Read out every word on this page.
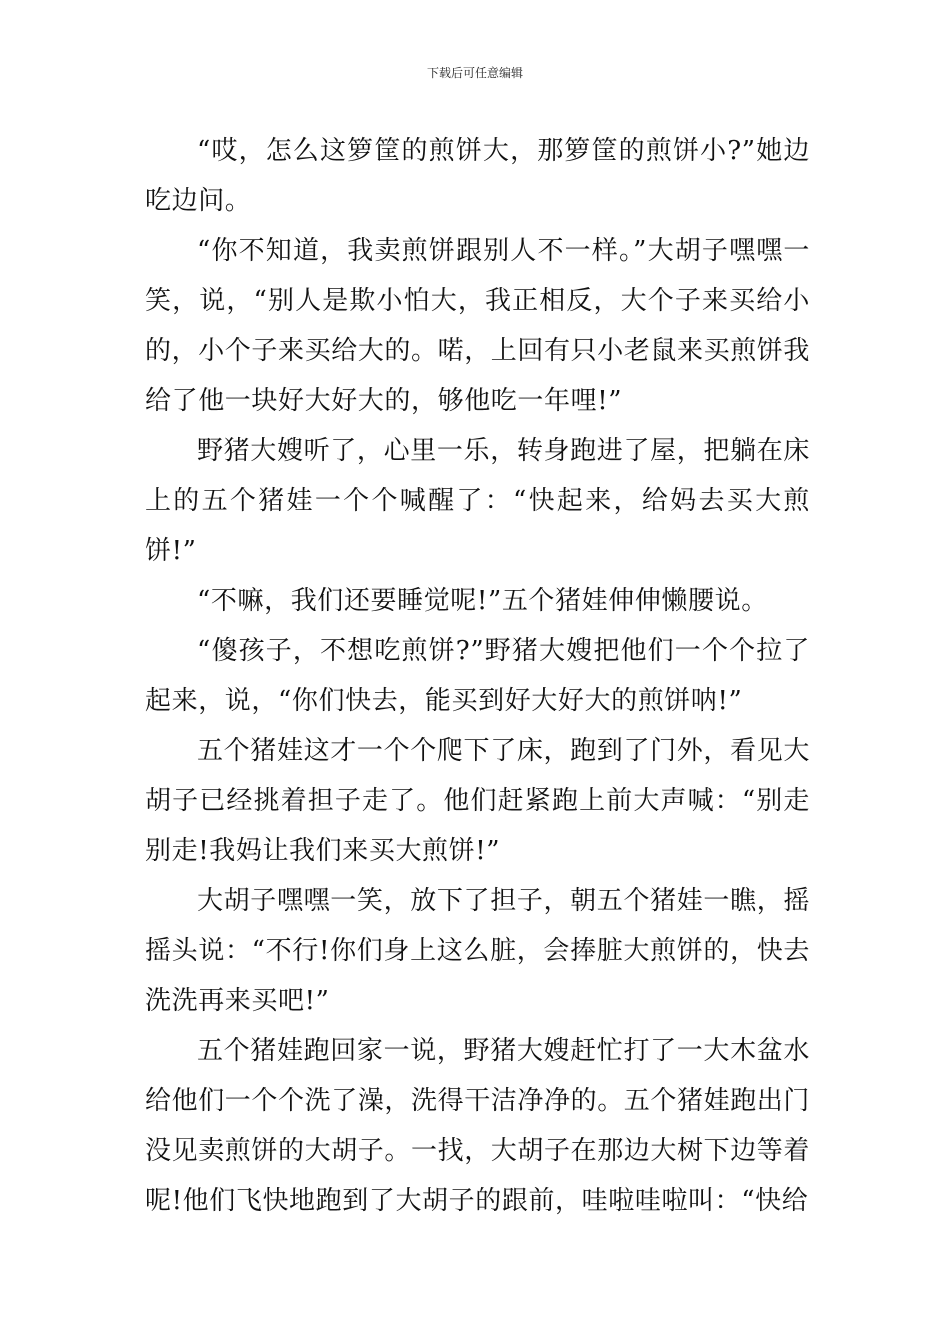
下载后可任意编辑

“哎，怎么这箩筐的煎饼大，那箩筐的煎饼小?”她边吃边问。

“你不知道，我卖煎饼跟别人不一样。”大胡子嘿嘿一笑，说，“别人是欺小怕大，我正相反，大个子来买给小的，小个子来买给大的。喏，上回有只小老鼠来买煎饼我给了他一块好大好大的，够他吃一年哩!”

野猪大嫂听了，心里一乐，转身跑进了屋，把躺在床上的五个猪娃一个个喊醒了：“快起来，给妈去买大煎饼!”

“不嘛，我们还要睡觉呢!”五个猪娃伸伸懒腰说。

“傻孩子，不想吃煎饼?”野猪大嫂把他们一个个拉了起来，说，“你们快去，能买到好大好大的煎饼呐!”

五个猪娃这才一个个爬下了床，跑到了门外，看见大胡子已经挑着担子走了。他们赶紧跑上前大声喊：“别走别走!我妈让我们来买大煎饼!”

大胡子嘿嘿一笑，放下了担子，朝五个猪娃一瞧，摇摇头说：“不行!你们身上这么脏，会捧脏大煎饼的，快去洗洗再来买吧!”

五个猪娃跑回家一说，野猪大嫂赶忙打了一大木盆水给他们一个个洗了澡，洗得干洁净净的。五个猪娃跑出门没见卖煎饼的大胡子。一找，大胡子在那边大树下边等着呢!他们飞快地跑到了大胡子的跟前，哇啦哇啦叫：“快给
